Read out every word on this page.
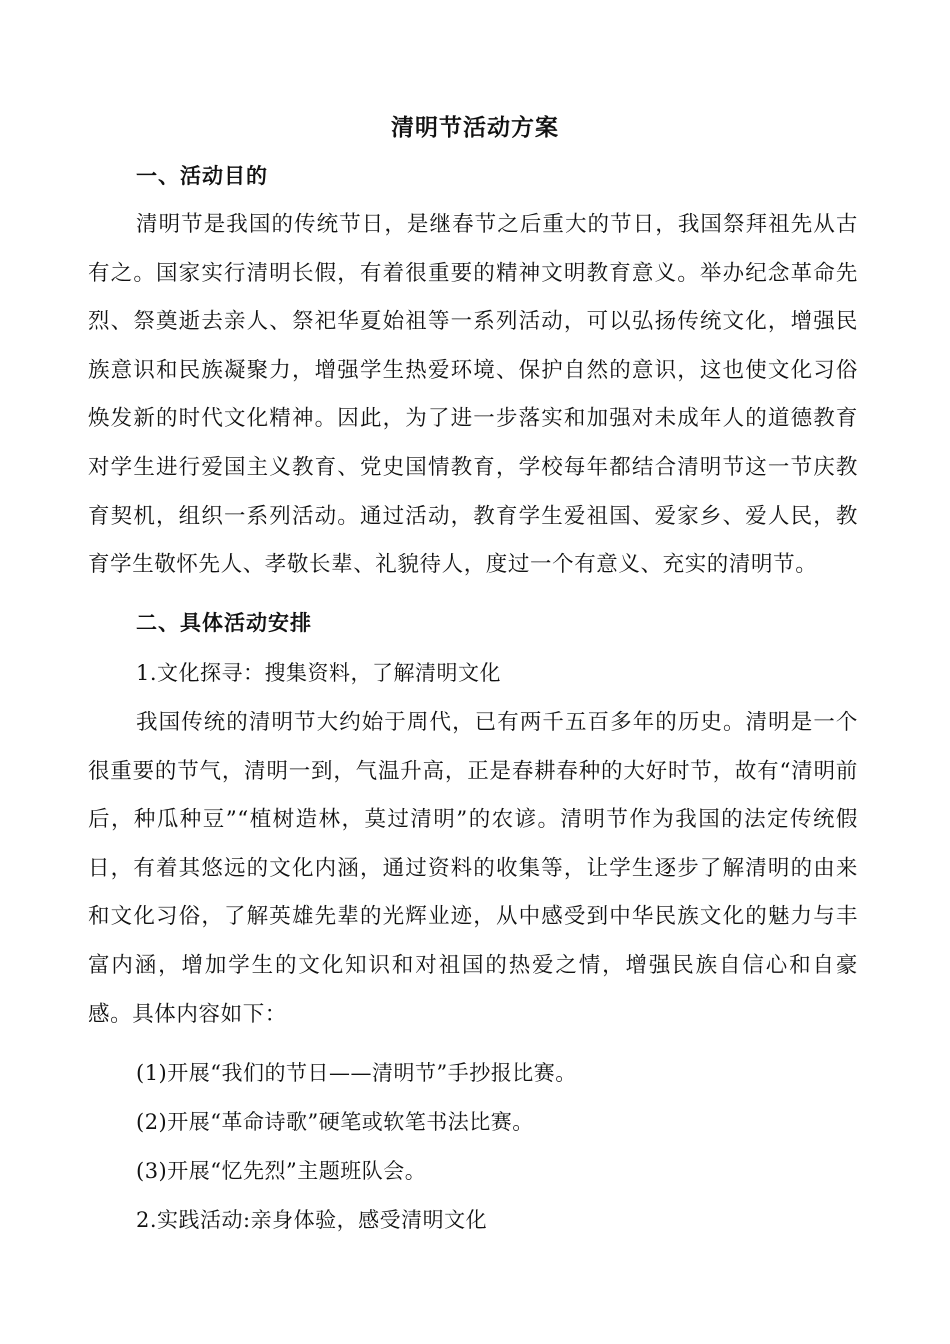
清明节活动方案
一、活动目的

清明节是我国的传统节日，是继春节之后重大的节日，我国祭拜祖先从古有之。国家实行清明长假，有着很重要的精神文明教育意义。举办纪念革命先烈、祭奠逝去亲人、祭祀华夏始祖等一系列活动，可以弘扬传统文化，增强民族意识和民族凝聚力，增强学生热爱环境、保护自然的意识，这也使文化习俗焕发新的时代文化精神。因此，为了进一步落实和加强对未成年人的道德教育对学生进行爱国主义教育、党史国情教育，学校每年都结合清明节这一节庆教育契机，组织一系列活动。通过活动，教育学生爱祖国、爱家乡、爱人民，教育学生敬怀先人、孝敬长辈、礼貌待人，度过一个有意义、充实的清明节。

二、具体活动安排
1.文化探寻：搜集资料，了解清明文化

我国传统的清明节大约始于周代，已有两千五百多年的历史。清明是一个很重要的节气，清明一到，气温升高，正是春耕春种的大好时节，故有“清明前后，种瓜种豆”“植树造林，莫过清明”的农谚。清明节作为我国的法定传统假日，有着其悠远的文化内涵，通过资料的收集等，让学生逐步了解清明的由来和文化习俗，了解英雄先辈的光辉业迹，从中感受到中华民族文化的魅力与丰富内涵，增加学生的文化知识和对祖国的热爱之情，增强民族自信心和自豪感。具体内容如下：

(1)开展“我们的节日——清明节”手抄报比赛。
(2)开展“革命诗歌”硬笔或软笔书法比赛。
(3)开展“忆先烈”主题班队会。
2.实践活动:亲身体验，感受清明文化
